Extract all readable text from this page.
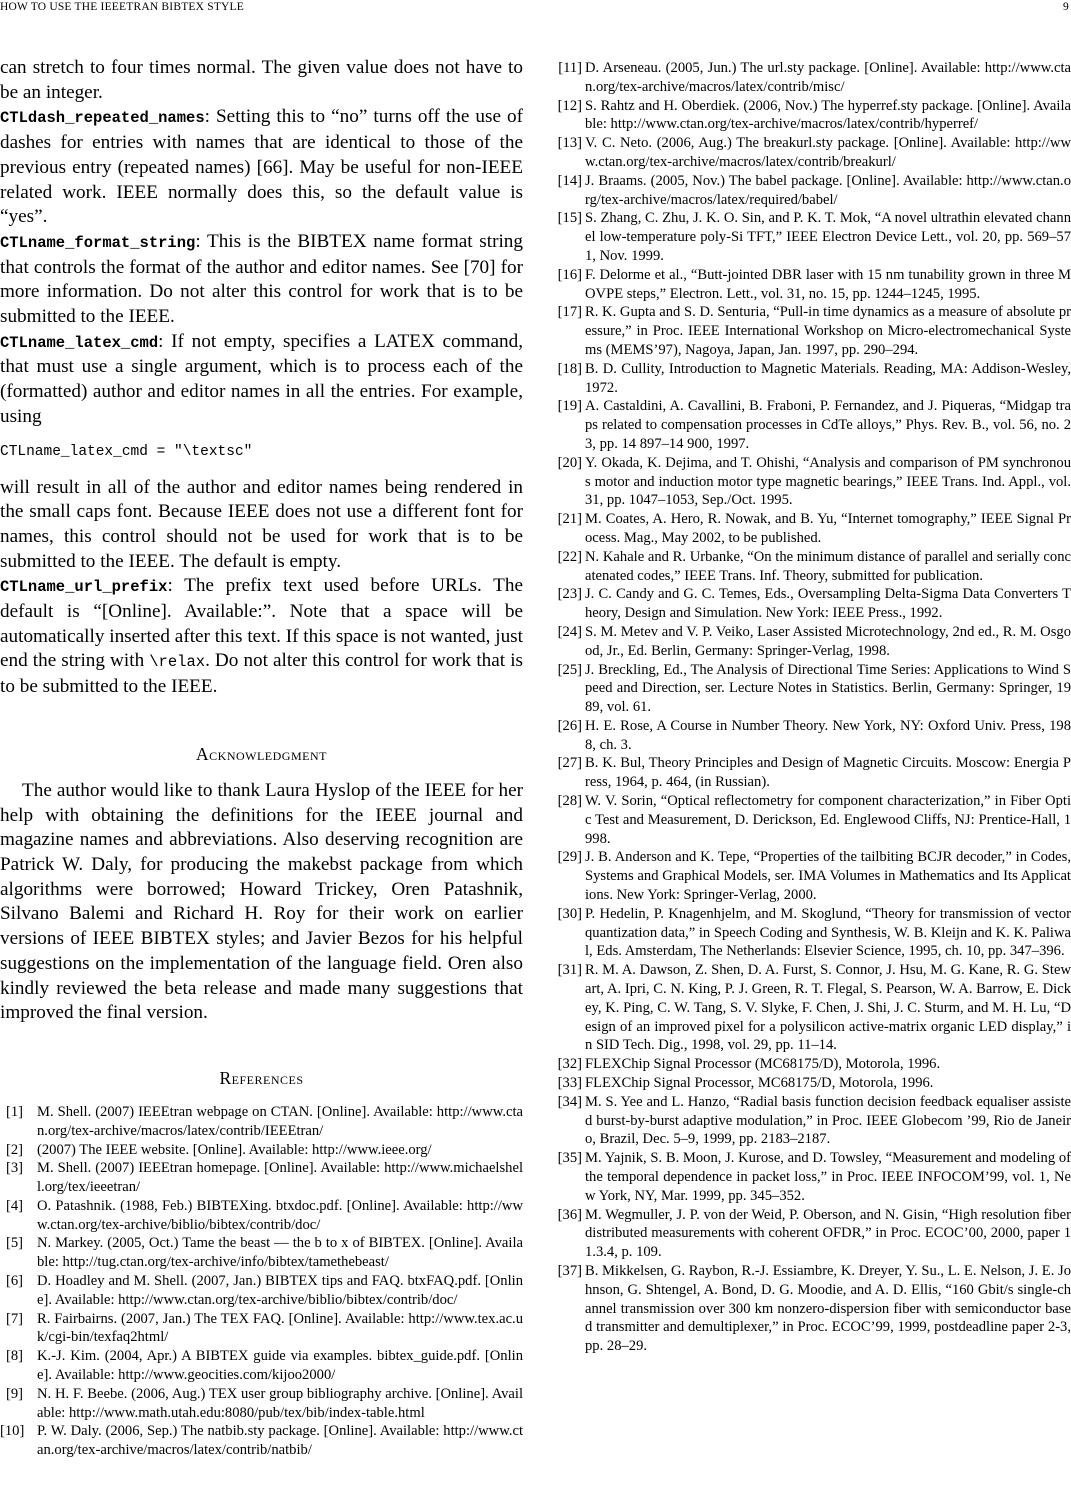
HOW TO USE THE IEEETRAN BIBTEX STYLE	9

can stretch to four times normal. The given value does not have to be an integer.

CTLdash_repeated_names: Setting this to “no” turns off the use of dashes for entries with names that are identical to those of the previous entry (repeated names) [66]. May be useful for non-IEEE related work. IEEE normally does this, so the default value is “yes”.

CTLname_format_string: This is the BIBTEX name format string that controls the format of the author and editor names. See [70] for more information. Do not alter this control for work that is to be submitted to the IEEE.

CTLname_latex_cmd: If not empty, specifies a LATEX command, that must use a single argument, which is to process each of the (formatted) author and editor names in all the entries. For example, using

CTLname_latex_cmd = "\textsc"

will result in all of the author and editor names being rendered in the small caps font. Because IEEE does not use a different font for names, this control should not be used for work that is to be submitted to the IEEE. The default is empty.

CTLname_url_prefix: The prefix text used before URLs. The default is “[Online]. Available:”. Note that a space will be automatically inserted after this text. If this space is not wanted, just end the string with \relax. Do not alter this control for work that is to be submitted to the IEEE.

Acknowledgment

The author would like to thank Laura Hyslop of the IEEE for her help with obtaining the definitions for the IEEE journal and magazine names and abbreviations. Also deserving recognition are Patrick W. Daly, for producing the makebst package from which algorithms were borrowed; Howard Trickey, Oren Patashnik, Silvano Balemi and Richard H. Roy for their work on earlier versions of IEEE BIBTEX styles; and Javier Bezos for his helpful suggestions on the implementation of the language field. Oren also kindly reviewed the beta release and made many suggestions that improved the final version.

References
[1] M. Shell. (2007) IEEEtran webpage on CTAN. [Online]. Available: http://www.ctan.org/tex-archive/macros/latex/contrib/IEEEtran/
[2] (2007) The IEEE website. [Online]. Available: http://www.ieee.org/
[3] M. Shell. (2007) IEEEtran homepage. [Online]. Available: http://www.michaelshell.org/tex/ieeetran/
[4] O. Patashnik. (1988, Feb.) BIBTEXing. btxdoc.pdf. [Online]. Available: http://www.ctan.org/tex-archive/biblio/bibtex/contrib/doc/
[5] N. Markey. (2005, Oct.) Tame the beast — the b to x of BIBTEX. [Online]. Available: http://tug.ctan.org/tex-archive/info/bibtex/tamethebeast/
[6] D. Hoadley and M. Shell. (2007, Jan.) BIBTEX tips and FAQ. btxFAQ.pdf. [Online]. Available: http://www.ctan.org/tex-archive/biblio/bibtex/contrib/doc/
[7] R. Fairbairns. (2007, Jan.) The TEX FAQ. [Online]. Available: http://www.tex.ac.uk/cgi-bin/texfaq2html/
[8] K.-J. Kim. (2004, Apr.) A BIBTEX guide via examples. bibtex_guide.pdf. [Online]. Available: http://www.geocities.com/kijoo2000/
[9] N. H. F. Beebe. (2006, Aug.) TEX user group bibliography archive. [Online]. Available: http://www.math.utah.edu:8080/pub/tex/bib/index-table.html
[10] P. W. Daly. (2006, Sep.) The natbib.sty package. [Online]. Available: http://www.ctan.org/tex-archive/macros/latex/contrib/natbib/
[11] D. Arseneau. (2005, Jun.) The url.sty package. [Online]. Available: http://www.ctan.org/tex-archive/macros/latex/contrib/misc/
[12] S. Rahtz and H. Oberdiek. (2006, Nov.) The hyperref.sty package. [Online]. Available: http://www.ctan.org/tex-archive/macros/latex/contrib/hyperref/
[13] V. C. Neto. (2006, Aug.) The breakurl.sty package. [Online]. Available: http://www.ctan.org/tex-archive/macros/latex/contrib/breakurl/
[14] J. Braams. (2005, Nov.) The babel package. [Online]. Available: http://www.ctan.org/tex-archive/macros/latex/required/babel/
[15] S. Zhang, C. Zhu, J. K. O. Sin, and P. K. T. Mok, “A novel ultrathin elevated channel low-temperature poly-Si TFT,” IEEE Electron Device Lett., vol. 20, pp. 569–571, Nov. 1999.
[16] F. Delorme et al., “Butt-jointed DBR laser with 15 nm tunability grown in three MOVPE steps,” Electron. Lett., vol. 31, no. 15, pp. 1244–1245, 1995.
[17] R. K. Gupta and S. D. Senturia, “Pull-in time dynamics as a measure of absolute pressure,” in Proc. IEEE International Workshop on Micro-electromechanical Systems (MEMS’97), Nagoya, Japan, Jan. 1997, pp. 290–294.
[18] B. D. Cullity, Introduction to Magnetic Materials. Reading, MA: Addison-Wesley, 1972.
[19] A. Castaldini, A. Cavallini, B. Fraboni, P. Fernandez, and J. Piqueras, “Midgap traps related to compensation processes in CdTe alloys,” Phys. Rev. B., vol. 56, no. 23, pp. 14 897–14 900, 1997.
[20] Y. Okada, K. Dejima, and T. Ohishi, “Analysis and comparison of PM synchronous motor and induction motor type magnetic bearings,” IEEE Trans. Ind. Appl., vol. 31, pp. 1047–1053, Sep./Oct. 1995.
[21] M. Coates, A. Hero, R. Nowak, and B. Yu, “Internet tomography,” IEEE Signal Process. Mag., May 2002, to be published.
[22] N. Kahale and R. Urbanke, “On the minimum distance of parallel and serially concatenated codes,” IEEE Trans. Inf. Theory, submitted for publication.
[23] J. C. Candy and G. C. Temes, Eds., Oversampling Delta-Sigma Data Converters Theory, Design and Simulation. New York: IEEE Press., 1992.
[24] S. M. Metev and V. P. Veiko, Laser Assisted Microtechnology, 2nd ed., R. M. Osgood, Jr., Ed. Berlin, Germany: Springer-Verlag, 1998.
[25] J. Breckling, Ed., The Analysis of Directional Time Series: Applications to Wind Speed and Direction, ser. Lecture Notes in Statistics. Berlin, Germany: Springer, 1989, vol. 61.
[26] H. E. Rose, A Course in Number Theory. New York, NY: Oxford Univ. Press, 1988, ch. 3.
[27] B. K. Bul, Theory Principles and Design of Magnetic Circuits. Moscow: Energia Press, 1964, p. 464, (in Russian).
[28] W. V. Sorin, “Optical reflectometry for component characterization,” in Fiber Optic Test and Measurement, D. Derickson, Ed. Englewood Cliffs, NJ: Prentice-Hall, 1998.
[29] J. B. Anderson and K. Tepe, “Properties of the tailbiting BCJR decoder,” in Codes, Systems and Graphical Models, ser. IMA Volumes in Mathematics and Its Applications. New York: Springer-Verlag, 2000.
[30] P. Hedelin, P. Knagenhjelm, and M. Skoglund, “Theory for transmission of vector quantization data,” in Speech Coding and Synthesis, W. B. Kleijn and K. K. Paliwal, Eds. Amsterdam, The Netherlands: Elsevier Science, 1995, ch. 10, pp. 347–396.
[31] R. M. A. Dawson, Z. Shen, D. A. Furst, S. Connor, J. Hsu, M. G. Kane, R. G. Stewart, A. Ipri, C. N. King, P. J. Green, R. T. Flegal, S. Pearson, W. A. Barrow, E. Dickey, K. Ping, C. W. Tang, S. V. Slyke, F. Chen, J. Shi, J. C. Sturm, and M. H. Lu, “Design of an improved pixel for a polysilicon active-matrix organic LED display,” in SID Tech. Dig., 1998, vol. 29, pp. 11–14.
[32] FLEXChip Signal Processor (MC68175/D), Motorola, 1996.
[33] FLEXChip Signal Processor, MC68175/D, Motorola, 1996.
[34] M. S. Yee and L. Hanzo, “Radial basis function decision feedback equaliser assisted burst-by-burst adaptive modulation,” in Proc. IEEE Globecom ’99, Rio de Janeiro, Brazil, Dec. 5–9, 1999, pp. 2183–2187.
[35] M. Yajnik, S. B. Moon, J. Kurose, and D. Towsley, “Measurement and modeling of the temporal dependence in packet loss,” in Proc. IEEE INFOCOM’99, vol. 1, New York, NY, Mar. 1999, pp. 345–352.
[36] M. Wegmuller, J. P. von der Weid, P. Oberson, and N. Gisin, “High resolution fiber distributed measurements with coherent OFDR,” in Proc. ECOC’00, 2000, paper 11.3.4, p. 109.
[37] B. Mikkelsen, G. Raybon, R.-J. Essiambre, K. Dreyer, Y. Su., L. E. Nelson, J. E. Johnson, G. Shtengel, A. Bond, D. G. Moodie, and A. D. Ellis, “160 Gbit/s single-channel transmission over 300 km nonzero-dispersion fiber with semiconductor based transmitter and demultiplexer,” in Proc. ECOC’99, 1999, postdeadline paper 2-3, pp. 28–29.
